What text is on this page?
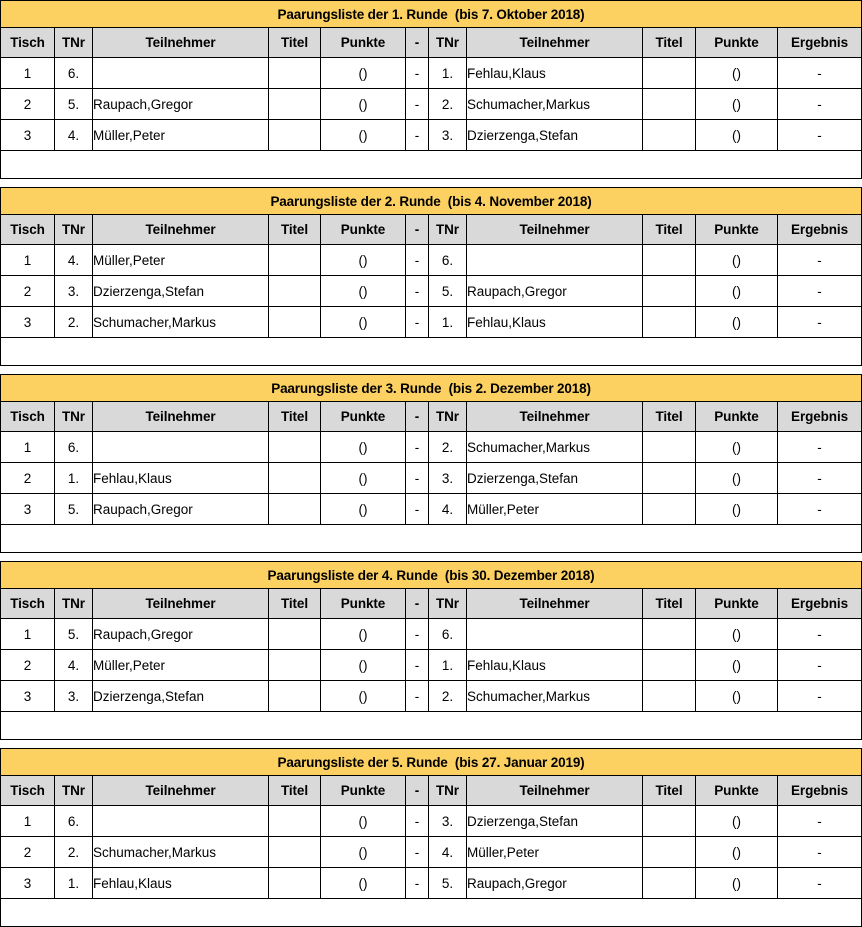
Paarungsliste der 1. Runde  (bis 7. Oktober 2018)										
Tisch	TNr	Teilnehmer	Titel	Punkte	-	TNr	Teilnehmer	Titel	Punkte	Ergebnis
1	6.			()	-	1.	Fehlau,Klaus		()	-
2	5.	Raupach,Gregor		()	-	2.	Schumacher,Markus		()	-
3	4.	Müller,Peter		()	-	3.	Dzierzenga,Stefan		()	-

Paarungsliste der 2. Runde  (bis 4. November 2018)										
Tisch	TNr	Teilnehmer	Titel	Punkte	-	TNr	Teilnehmer	Titel	Punkte	Ergebnis
1	4.	Müller,Peter		()	-	6.			()	-
2	3.	Dzierzenga,Stefan		()	-	5.	Raupach,Gregor		()	-
3	2.	Schumacher,Markus		()	-	1.	Fehlau,Klaus		()	-

Paarungsliste der 3. Runde  (bis 2. Dezember 2018)										
Tisch	TNr	Teilnehmer	Titel	Punkte	-	TNr	Teilnehmer	Titel	Punkte	Ergebnis
1	6.			()	-	2.	Schumacher,Markus		()	-
2	1.	Fehlau,Klaus		()	-	3.	Dzierzenga,Stefan		()	-
3	5.	Raupach,Gregor		()	-	4.	Müller,Peter		()	-

Paarungsliste der 4. Runde  (bis 30. Dezember 2018)										
Tisch	TNr	Teilnehmer	Titel	Punkte	-	TNr	Teilnehmer	Titel	Punkte	Ergebnis
1	5.	Raupach,Gregor		()	-	6.			()	-
2	4.	Müller,Peter		()	-	1.	Fehlau,Klaus		()	-
3	3.	Dzierzenga,Stefan		()	-	2.	Schumacher,Markus		()	-

Paarungsliste der 5. Runde  (bis 27. Januar 2019)										
Tisch	TNr	Teilnehmer	Titel	Punkte	-	TNr	Teilnehmer	Titel	Punkte	Ergebnis
1	6.			()	-	3.	Dzierzenga,Stefan		()	-
2	2.	Schumacher,Markus		()	-	4.	Müller,Peter		()	-
3	1.	Fehlau,Klaus		()	-	5.	Raupach,Gregor		()	-
